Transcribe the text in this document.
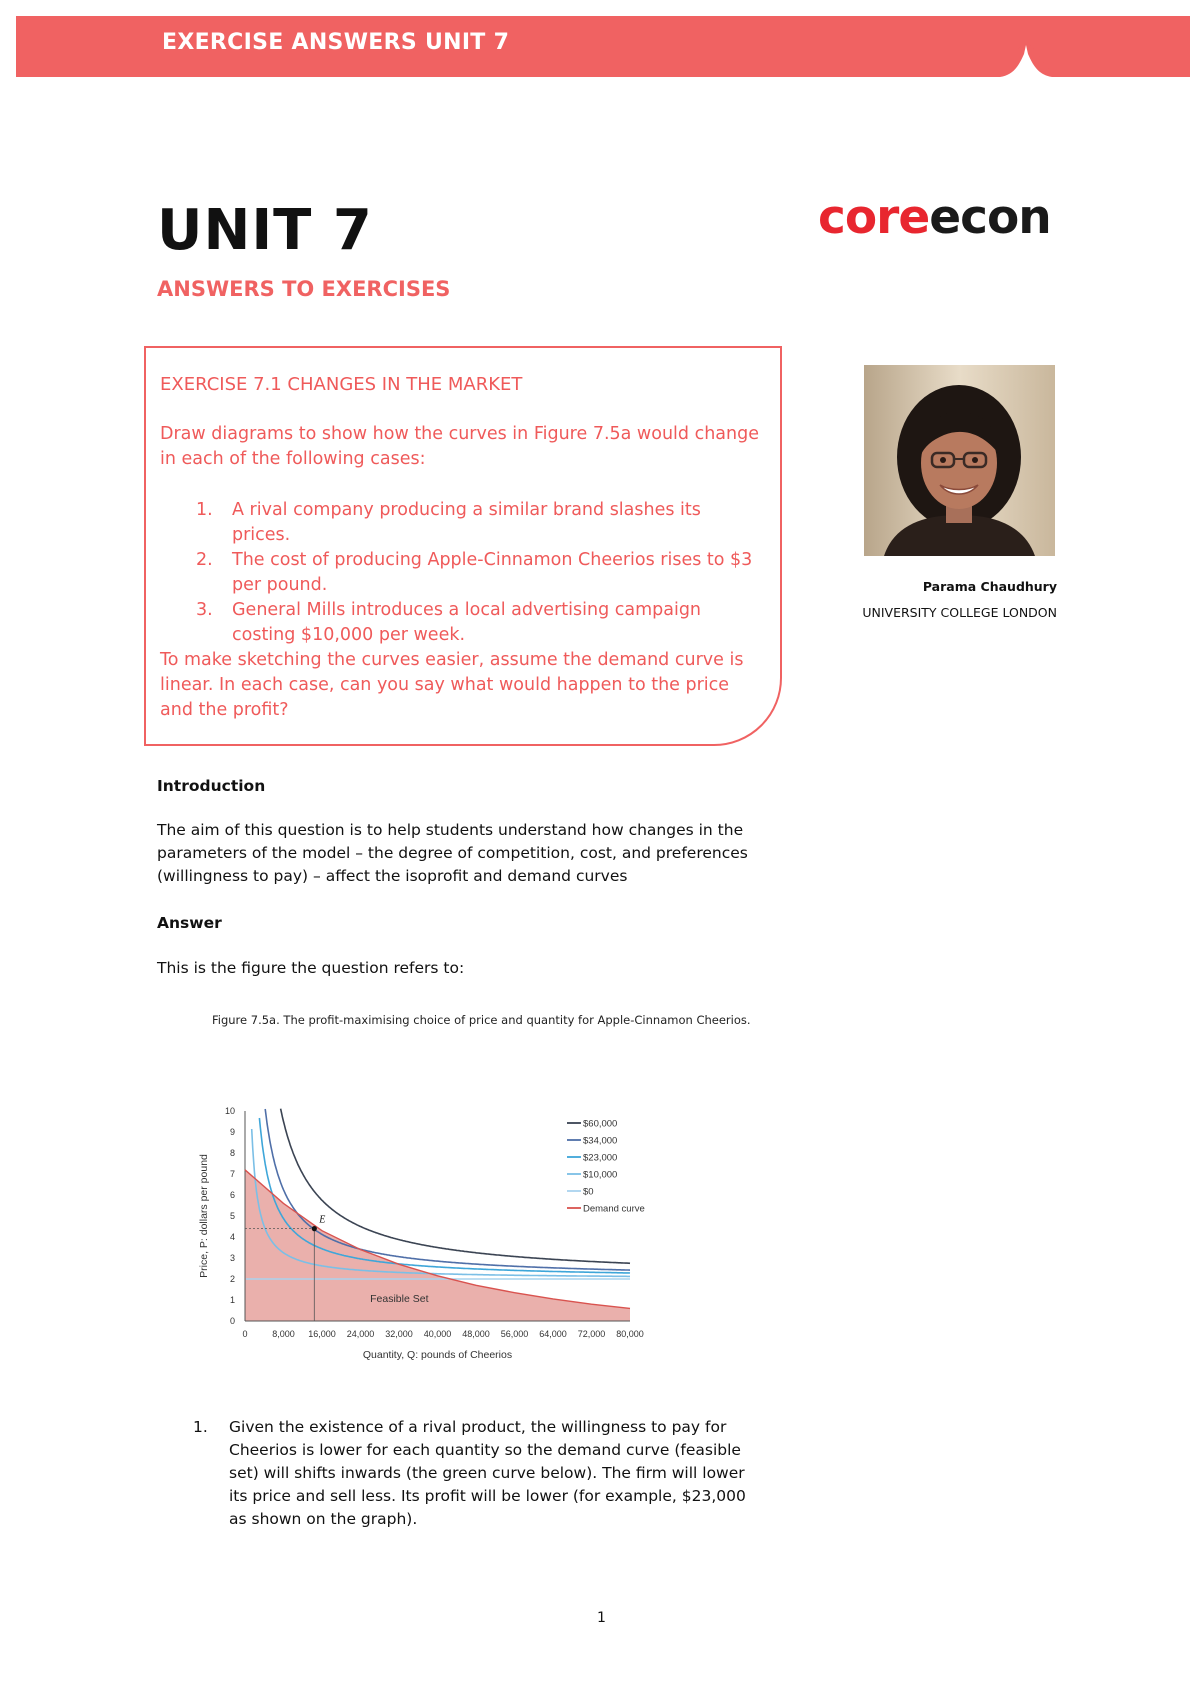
EXERCISE ANSWERS UNIT 7
UNIT 7
ANSWERS TO EXERCISES
coreecon
EXERCISE 7.1 CHANGES IN THE MARKET
Draw diagrams to show how the curves in Figure 7.5a would change in each of the following cases:
1. A rival company producing a similar brand slashes its prices.
2. The cost of producing Apple-Cinnamon Cheerios rises to $3 per pound.
3. General Mills introduces a local advertising campaign costing $10,000 per week.
To make sketching the curves easier, assume the demand curve is linear. In each case, can you say what would happen to the price and the profit?
Parama Chaudhury
UNIVERSITY COLLEGE LONDON
Introduction
The aim of this question is to help students understand how changes in the parameters of the model – the degree of competition, cost, and preferences (willingness to pay) – affect the isoprofit and demand curves
Answer
This is the figure the question refers to:
Figure 7.5a. The profit-maximising choice of price and quantity for Apple-Cinnamon Cheerios.
0	8,000 16,000 24,000 32,000 40,000 48,000 56,000 64,000 72,000 80,000
0
1
2
3
4
5
6
7
8
9
10
Quantity, Q: pounds of Cheerios
Price, P: dollars per pound	E
Feasible Set
$60,000
$34,000
$23,000
$10,000
$0
Demand curve
1. Given the existence of a rival product, the willingness to pay for Cheerios is lower for each quantity so the demand curve (feasible set) will shifts inwards (the green curve below). The firm will lower its price and sell less. Its profit will be lower (for example, $23,000 as shown on the graph).
1
